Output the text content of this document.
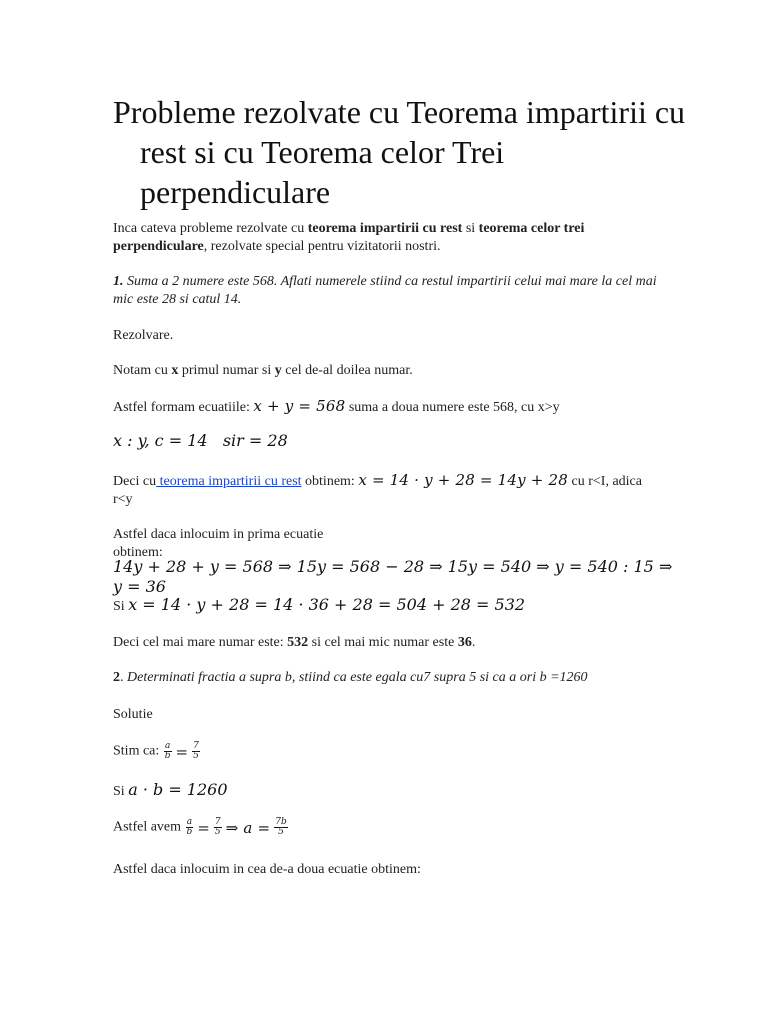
Probleme rezolvate cu Teorema impartirii cu rest si cu Teorema celor Trei perpendiculare

Inca cateva probleme rezolvate cu teorema impartirii cu rest si teorema celor trei perpendiculare, rezolvate special pentru vizitatorii nostri.

1. Suma a 2 numere este 568. Aflati numerele stiind ca restul impartirii celui mai mare la cel mai mic este 28 si catul 14.

Rezolvare.

Notam cu x primul numar si y cel de-al doilea numar.

Astfel formam ecuatiile: x + y = 568 suma a doua numere este 568, cu x>y

x : y, c = 14   sir = 28

Deci cu teorema impartirii cu rest obtinem: x = 14 · y + 28 = 14y + 28 cu r<I, adica r<y

Astfel daca inlocuim in prima ecuatie obtinem:

14y + 28 + y = 568 ⇒ 15y = 568 − 28 ⇒ 15y = 540 ⇒ y = 540 : 15 ⇒ y = 36

Si x = 14 · y + 28 = 14 · 36 + 28 = 504 + 28 = 532

Deci cel mai mare numar este: 532 si cel mai mic numar este 36.

2. Determinati fractia a supra b, stiind ca este egala cu7 supra 5 si ca a ori b =1260

Solutie

Stim ca: $\frac{a}{b} = \frac{7}{5}$

Si a · b = 1260

Astfel avem $\frac{a}{b} = \frac{7}{5}$ ⇒ $a = \frac{7b}{5}$

Astfel daca inlocuim in cea de-a doua ecuatie obtinem:
